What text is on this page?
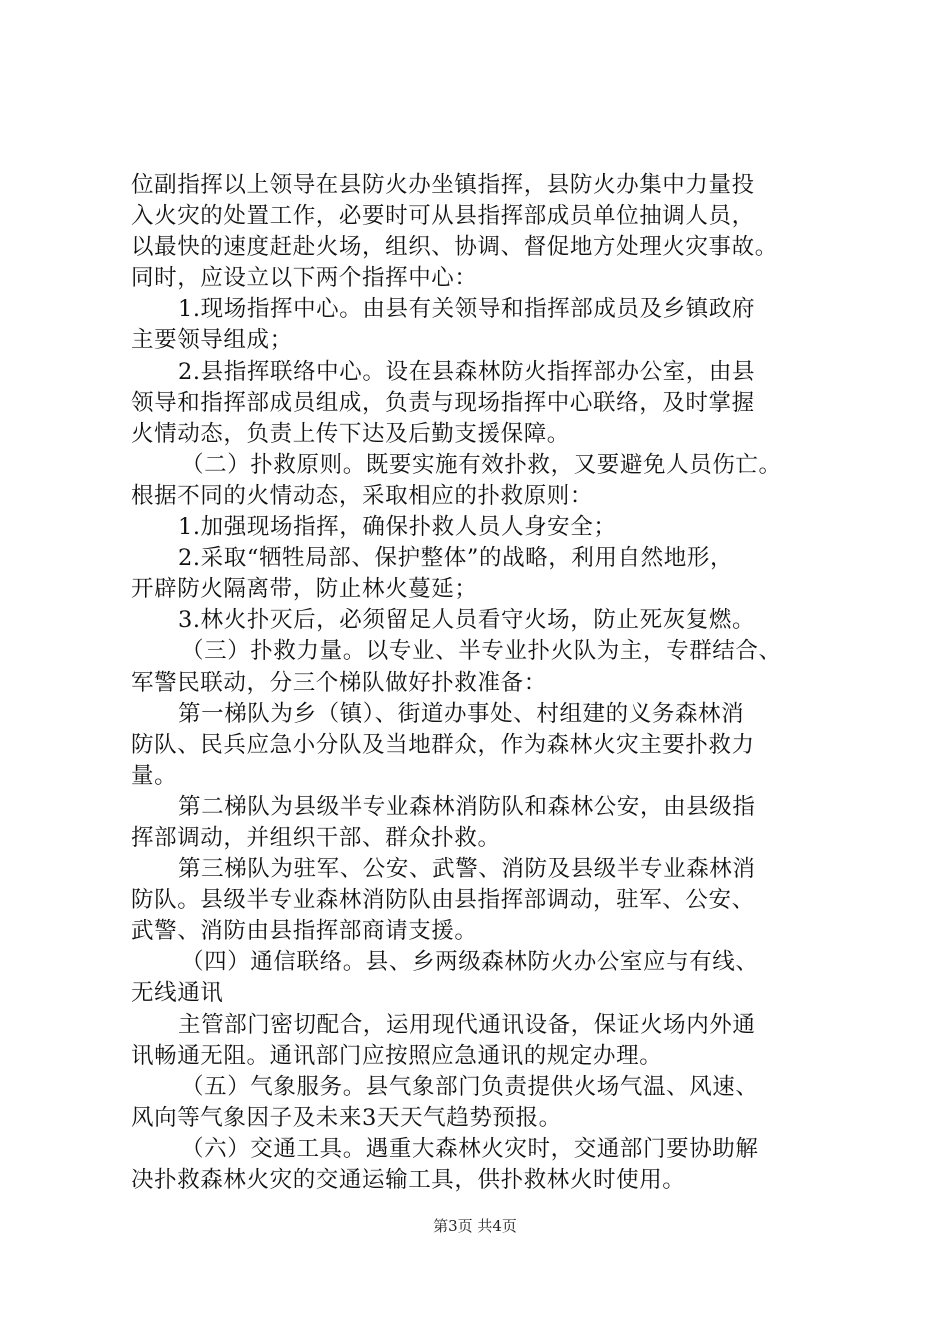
位副指挥以上领导在县防火办坐镇指挥，县防火办集中力量投
入火灾的处置工作，必要时可从县指挥部成员单位抽调人员，
以最快的速度赶赴火场，组织、协调、督促地方处理火灾事故。
同时，应设立以下两个指挥中心：
1.现场指挥中心。由县有关领导和指挥部成员及乡镇政府
主要领导组成；
2.县指挥联络中心。设在县森林防火指挥部办公室，由县
领导和指挥部成员组成，负责与现场指挥中心联络，及时掌握
火情动态，负责上传下达及后勤支援保障。
（二）扑救原则。既要实施有效扑救，又要避免人员伤亡。
根据不同的火情动态，采取相应的扑救原则：
1.加强现场指挥，确保扑救人员人身安全；
2.采取“牺牲局部、保护整体”的战略，利用自然地形，
开辟防火隔离带，防止林火蔓延；
3.林火扑灭后，必须留足人员看守火场，防止死灰复燃。
（三）扑救力量。以专业、半专业扑火队为主，专群结合、
军警民联动，分三个梯队做好扑救准备：
第一梯队为乡（镇）、街道办事处、村组建的义务森林消
防队、民兵应急小分队及当地群众，作为森林火灾主要扑救力
量。
第二梯队为县级半专业森林消防队和森林公安，由县级指
挥部调动，并组织干部、群众扑救。
第三梯队为驻军、公安、武警、消防及县级半专业森林消
防队。县级半专业森林消防队由县指挥部调动，驻军、公安、
武警、消防由县指挥部商请支援。
（四）通信联络。县、乡两级森林防火办公室应与有线、
无线通讯
主管部门密切配合，运用现代通讯设备，保证火场内外通
讯畅通无阻。通讯部门应按照应急通讯的规定办理。
（五）气象服务。县气象部门负责提供火场气温、风速、
风向等气象因子及未来3天天气趋势预报。
（六）交通工具。遇重大森林火灾时，交通部门要协助解
决扑救森林火灾的交通运输工具，供扑救林火时使用。
第3页 共4页
